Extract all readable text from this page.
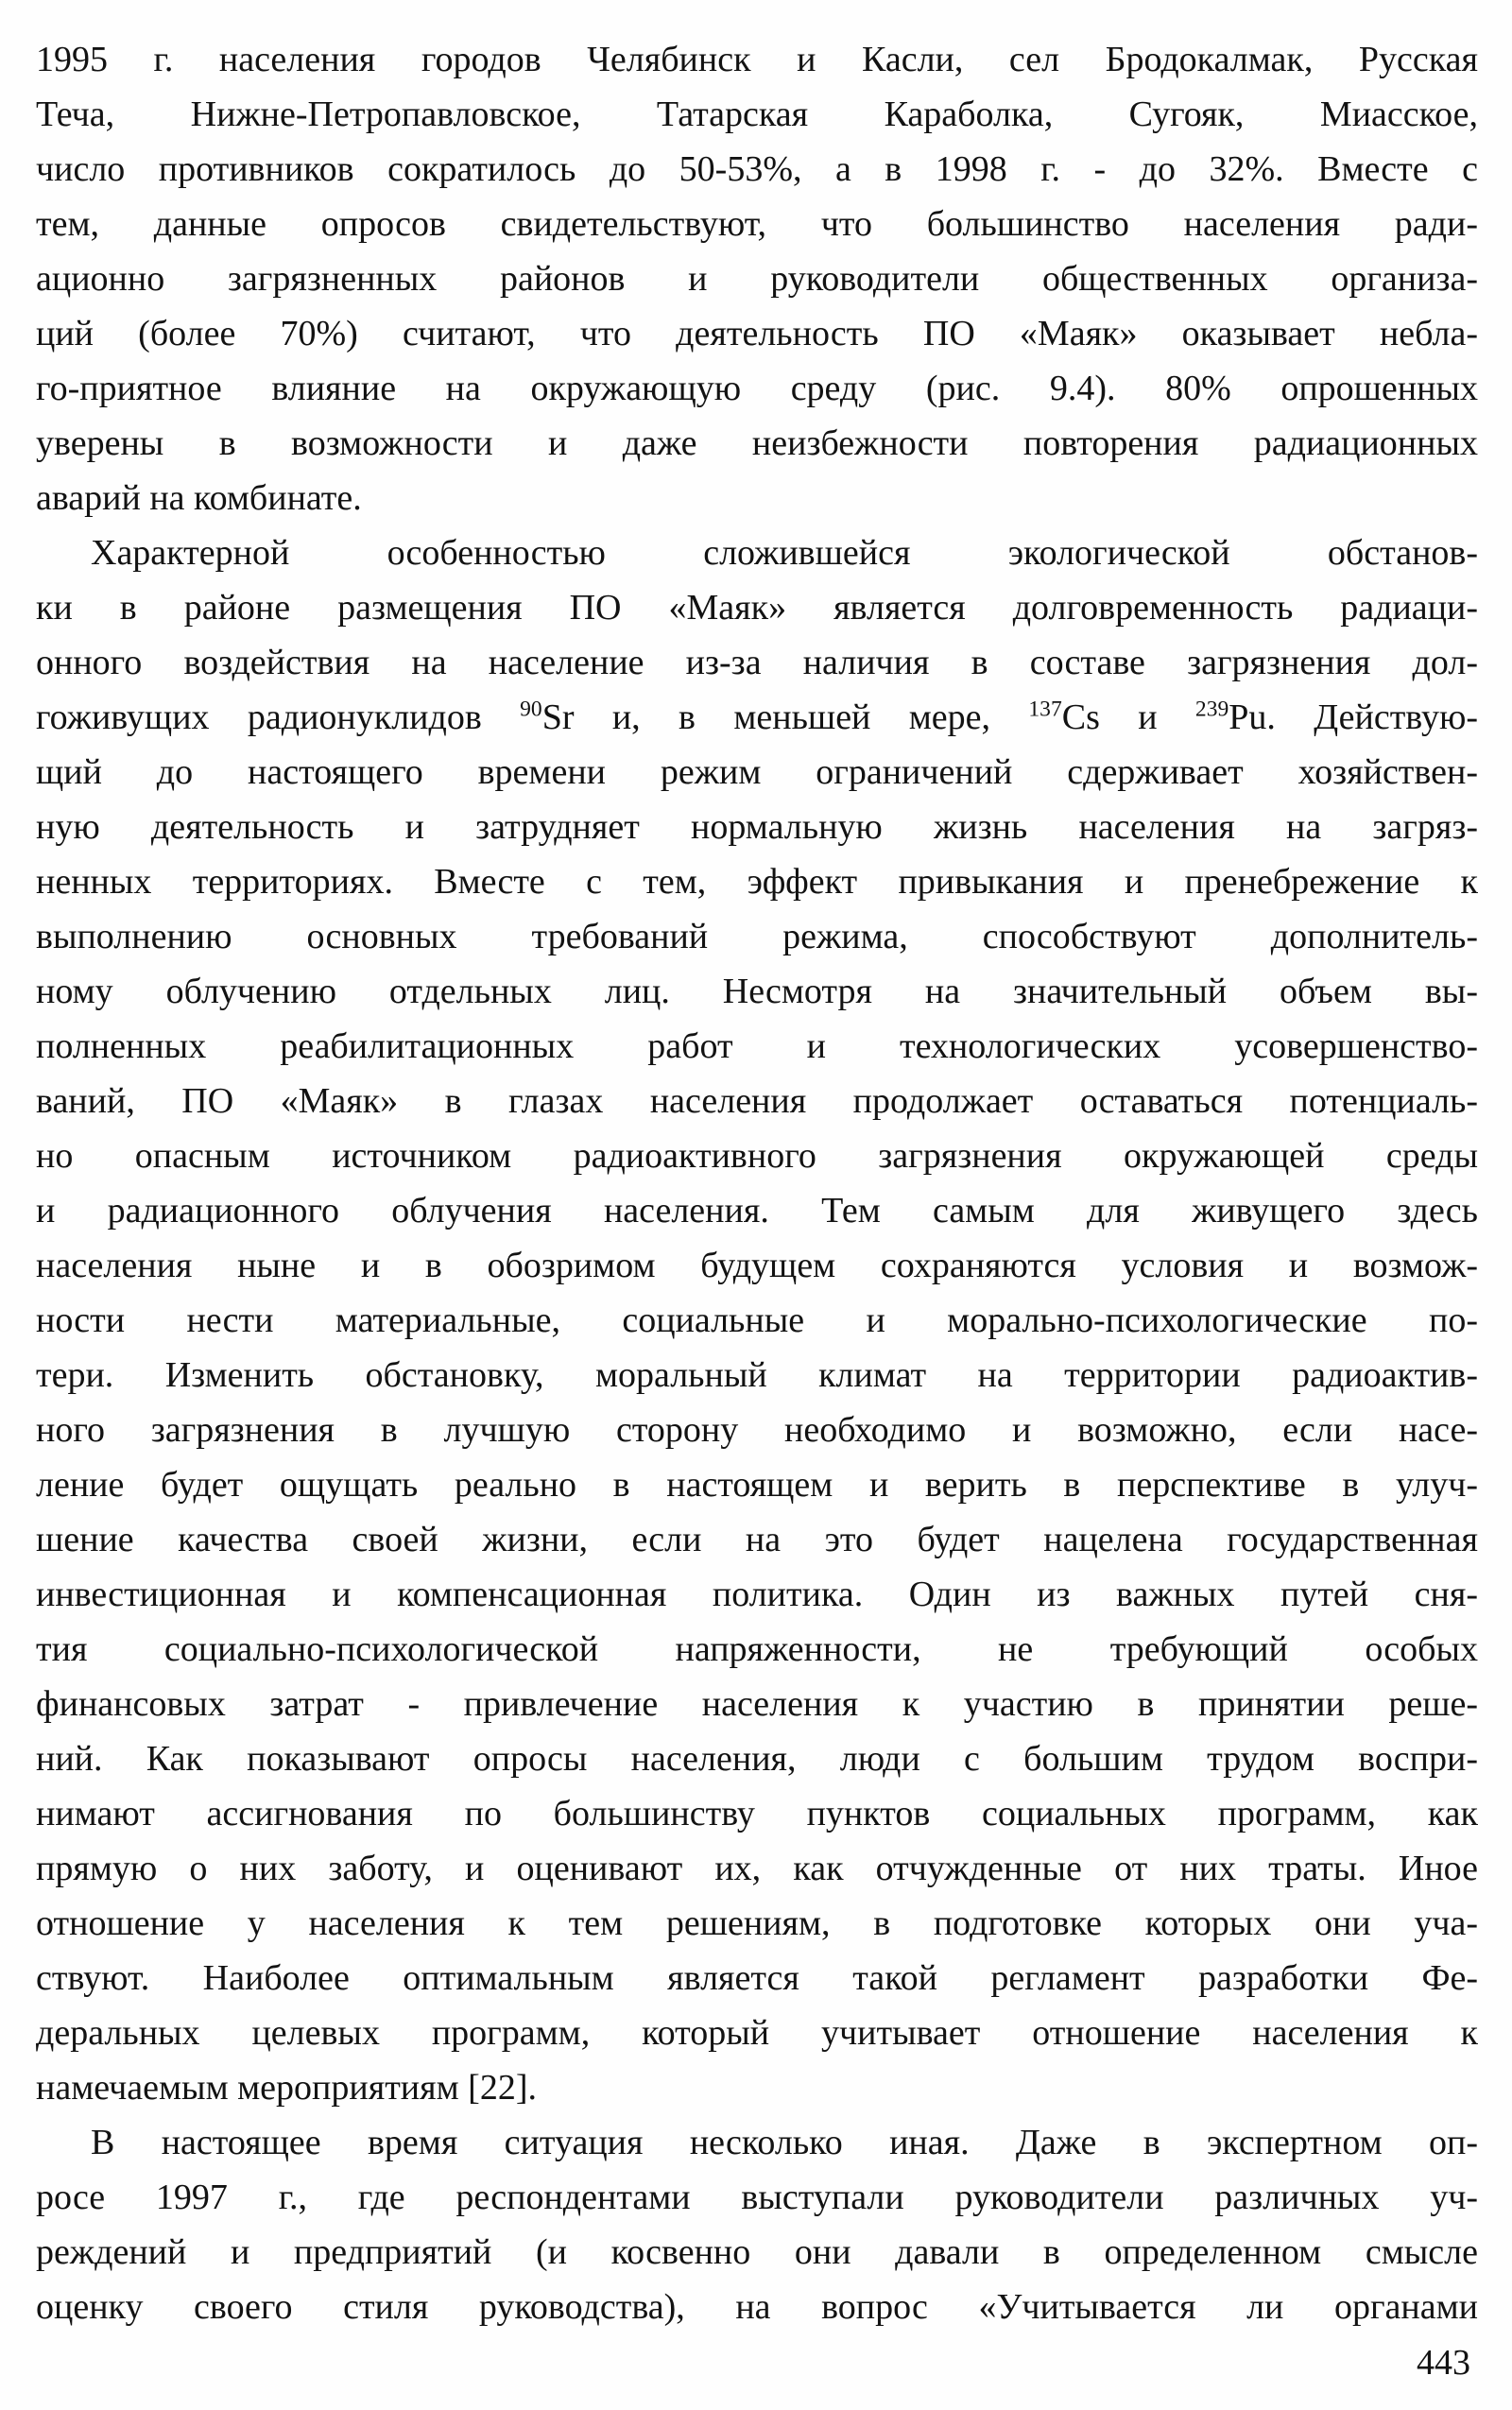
1995 г. населения городов Челябинск и Касли, сел Бродокалмак, Русская
Теча, Нижне-Петропавловское, Татарская Караболка, Сугояк, Миасское,
число противников сократилось до 50-53%, а в 1998 г. - до 32%. Вместе с
тем, данные опросов свидетельствуют, что большинство населения ради-
ационно загрязненных районов и руководители общественных организа-
ций (более 70%) считают, что деятельность ПО «Маяк» оказывает небла-
го-приятное влияние на окружающую среду (рис. 9.4). 80% опрошенных
уверены в возможности и даже неизбежности повторения радиационных
аварий на комбинате.
Характерной особенностью сложившейся экологической обстанов-
ки в районе размещения ПО «Маяк» является долговременность радиаци-
онного воздействия на население из-за наличия в составе загрязнения дол-
гоживущих радионуклидов $^{90}$Sr и, в меньшей мере, $^{137}$Cs и $^{239}$Pu. Действую-
щий до настоящего времени режим ограничений сдерживает хозяйствен-
ную деятельность и затрудняет нормальную жизнь населения на загряз-
ненных территориях. Вместе с тем, эффект привыкания и пренебрежение к
выполнению основных требований режима, способствуют дополнитель-
ному облучению отдельных лиц. Несмотря на значительный объем вы-
полненных реабилитационных работ и технологических усовершенство-
ваний, ПО «Маяк» в глазах населения продолжает оставаться потенциаль-
но опасным источником радиоактивного загрязнения окружающей среды
и радиационного облучения населения. Тем самым для живущего здесь
населения ныне и в обозримом будущем сохраняются условия и возмож-
ности нести материальные, социальные и морально-психологические по-
тери. Изменить обстановку, моральный климат на территории радиоактив-
ного загрязнения в лучшую сторону необходимо и возможно, если насе-
ление будет ощущать реально в настоящем и верить в перспективе в улуч-
шение качества своей жизни, если на это будет нацелена государственная
инвестиционная и компенсационная политика. Один из важных путей сня-
тия социально-психологической напряженности, не требующий особых
финансовых затрат - привлечение населения к участию в принятии реше-
ний. Как показывают опросы населения, люди с большим трудом воспри-
нимают ассигнования по большинству пунктов социальных программ, как
прямую о них заботу, и оценивают их, как отчужденные от них траты. Иное
отношение у населения к тем решениям, в подготовке которых они уча-
ствуют. Наиболее оптимальным является такой регламент разработки Фе-
деральных целевых программ, который учитывает отношение населения к
намечаемым мероприятиям [22].
В настоящее время ситуация несколько иная. Даже в экспертном оп-
росе 1997 г., где респондентами выступали руководители различных уч-
реждений и предприятий (и косвенно они давали в определенном смысле
оценку своего стиля руководства), на вопрос «Учитывается ли органами
443
